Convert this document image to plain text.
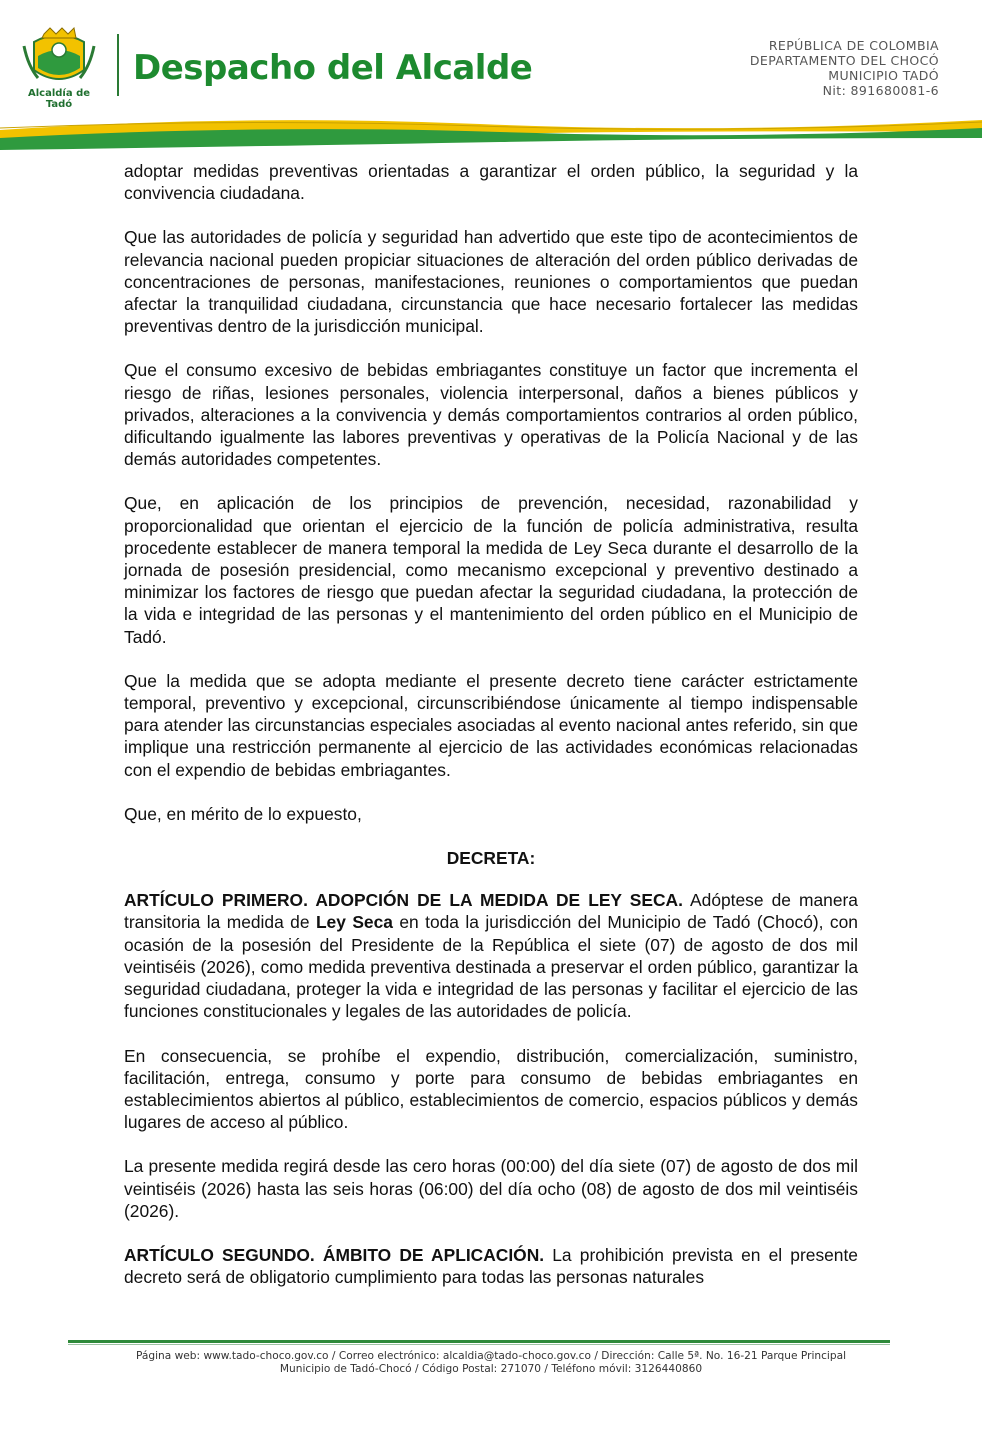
Alcaldía de Tadó
Despacho del Alcalde
REPÚBLICA DE COLOMBIA
DEPARTAMENTO DEL CHOCÓ
MUNICIPIO TADÓ
Nit: 891680081-6

adoptar medidas preventivas orientadas a garantizar el orden público, la seguridad y la convivencia ciudadana.

Que las autoridades de policía y seguridad han advertido que este tipo de acontecimientos de relevancia nacional pueden propiciar situaciones de alteración del orden público derivadas de concentraciones de personas, manifestaciones, reuniones o comportamientos que puedan afectar la tranquilidad ciudadana, circunstancia que hace necesario fortalecer las medidas preventivas dentro de la jurisdicción municipal.

Que el consumo excesivo de bebidas embriagantes constituye un factor que incrementa el riesgo de riñas, lesiones personales, violencia interpersonal, daños a bienes públicos y privados, alteraciones a la convivencia y demás comportamientos contrarios al orden público, dificultando igualmente las labores preventivas y operativas de la Policía Nacional y de las demás autoridades competentes.

Que, en aplicación de los principios de prevención, necesidad, razonabilidad y proporcionalidad que orientan el ejercicio de la función de policía administrativa, resulta procedente establecer de manera temporal la medida de Ley Seca durante el desarrollo de la jornada de posesión presidencial, como mecanismo excepcional y preventivo destinado a minimizar los factores de riesgo que puedan afectar la seguridad ciudadana, la protección de la vida e integridad de las personas y el mantenimiento del orden público en el Municipio de Tadó.

Que la medida que se adopta mediante el presente decreto tiene carácter estrictamente temporal, preventivo y excepcional, circunscribiéndose únicamente al tiempo indispensable para atender las circunstancias especiales asociadas al evento nacional antes referido, sin que implique una restricción permanente al ejercicio de las actividades económicas relacionadas con el expendio de bebidas embriagantes.

Que, en mérito de lo expuesto,

DECRETA:

ARTÍCULO PRIMERO. ADOPCIÓN DE LA MEDIDA DE LEY SECA. Adóptese de manera transitoria la medida de Ley Seca en toda la jurisdicción del Municipio de Tadó (Chocó), con ocasión de la posesión del Presidente de la República el siete (07) de agosto de dos mil veintiséis (2026), como medida preventiva destinada a preservar el orden público, garantizar la seguridad ciudadana, proteger la vida e integridad de las personas y facilitar el ejercicio de las funciones constitucionales y legales de las autoridades de policía.

En consecuencia, se prohíbe el expendio, distribución, comercialización, suministro, facilitación, entrega, consumo y porte para consumo de bebidas embriagantes en establecimientos abiertos al público, establecimientos de comercio, espacios públicos y demás lugares de acceso al público.

La presente medida regirá desde las cero horas (00:00) del día siete (07) de agosto de dos mil veintiséis (2026) hasta las seis horas (06:00) del día ocho (08) de agosto de dos mil veintiséis (2026).

ARTÍCULO SEGUNDO. ÁMBITO DE APLICACIÓN. La prohibición prevista en el presente decreto será de obligatorio cumplimiento para todas las personas naturales

Página web: www.tado-choco.gov.co / Correo electrónico: alcaldia@tado-choco.gov.co / Dirección: Calle 5ª. No. 16-21 Parque Principal
Municipio de Tadó-Chocó / Código Postal: 271070 / Teléfono móvil: 3126440860
